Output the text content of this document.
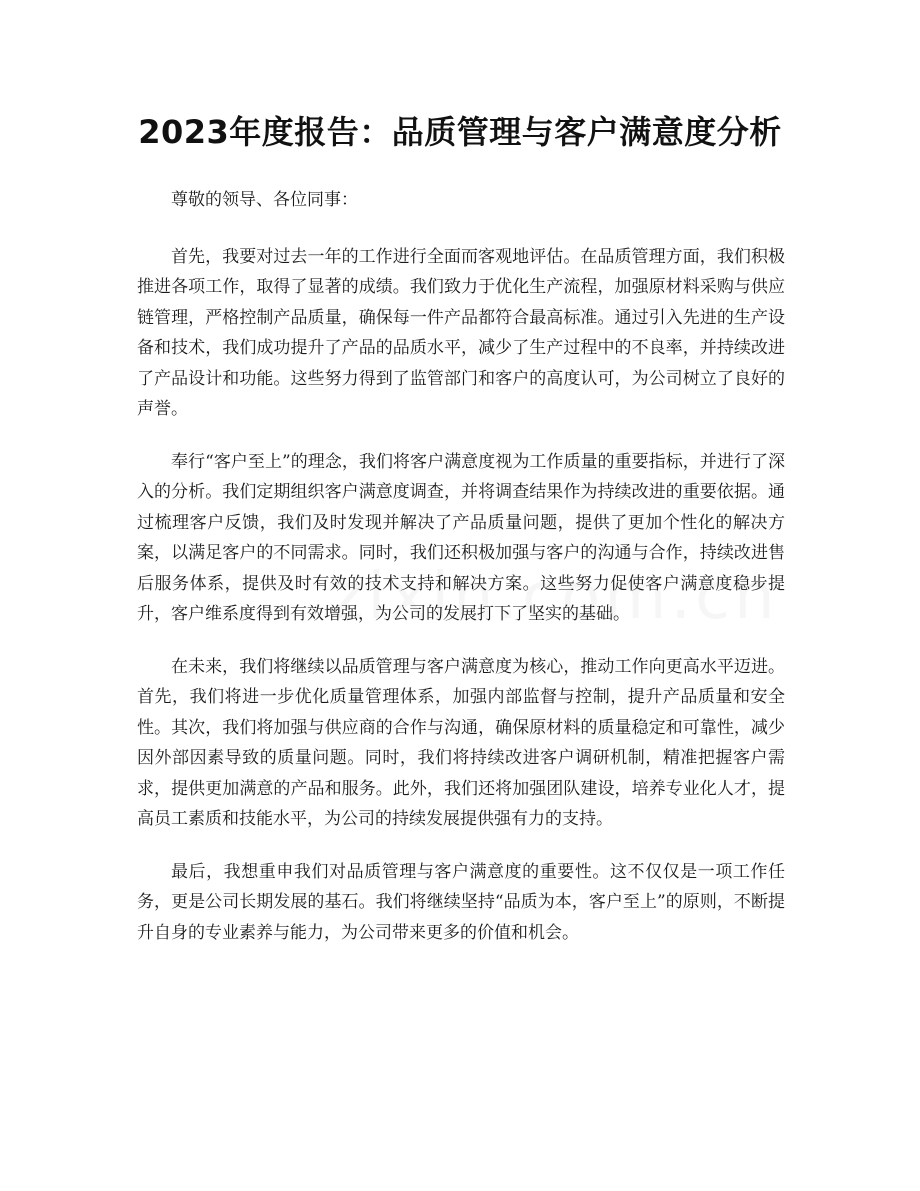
2023年度报告：品质管理与客户满意度分析

尊敬的领导、各位同事：

首先，我要对过去一年的工作进行全面而客观地评估。在品质管理方面，我们积极推进各项工作，取得了显著的成绩。我们致力于优化生产流程，加强原材料采购与供应链管理，严格控制产品质量，确保每一件产品都符合最高标准。通过引入先进的生产设备和技术，我们成功提升了产品的品质水平，减少了生产过程中的不良率，并持续改进了产品设计和功能。这些努力得到了监管部门和客户的高度认可，为公司树立了良好的声誉。

奉行“客户至上”的理念，我们将客户满意度视为工作质量的重要指标，并进行了深入的分析。我们定期组织客户满意度调查，并将调查结果作为持续改进的重要依据。通过梳理客户反馈，我们及时发现并解决了产品质量问题，提供了更加个性化的解决方案，以满足客户的不同需求。同时，我们还积极加强与客户的沟通与合作，持续改进售后服务体系，提供及时有效的技术支持和解决方案。这些努力促使客户满意度稳步提升，客户维系度得到有效增强，为公司的发展打下了坚实的基础。

在未来，我们将继续以品质管理与客户满意度为核心，推动工作向更高水平迈进。首先，我们将进一步优化质量管理体系，加强内部监督与控制，提升产品质量和安全性。其次，我们将加强与供应商的合作与沟通，确保原材料的质量稳定和可靠性，减少因外部因素导致的质量问题。同时，我们将持续改进客户调研机制，精准把握客户需求，提供更加满意的产品和服务。此外，我们还将加强团队建设，培养专业化人才，提高员工素质和技能水平，为公司的持续发展提供强有力的支持。

最后，我想重申我们对品质管理与客户满意度的重要性。这不仅仅是一项工作任务，更是公司长期发展的基石。我们将继续坚持“品质为本，客户至上”的原则，不断提升自身的专业素养与能力，为公司带来更多的价值和机会。
